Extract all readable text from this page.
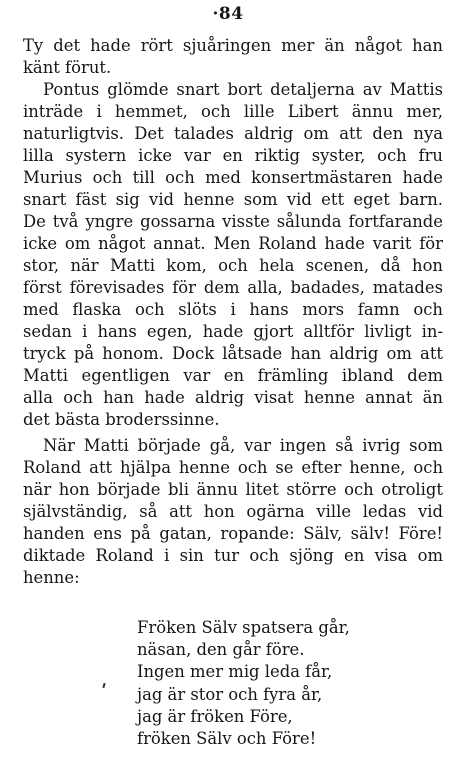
·84
Ty det hade rört sjuåringen mer än något han
känt förut.
Pontus glömde snart bort detaljerna av Mattis
inträde i hemmet, och lille Libert ännu mer,
naturligtvis. Det talades aldrig om att den nya
lilla systern icke var en riktig syster, och fru
Murius och till och med konsertmästaren hade
snart fäst sig vid henne som vid ett eget barn.
De två yngre gossarna visste sålunda fortfarande
icke om något annat. Men Roland hade varit för
stor, när Matti kom, och hela scenen, då hon
först förevisades för dem alla, badades, matades
med flaska och slöts i hans mors famn och
sedan i hans egen, hade gjort alltför livligt in-
tryck på honom. Dock låtsade han aldrig om att
Matti egentligen var en främling ibland dem
alla och han hade aldrig visat henne annat än
det bästa broderssinne.
När Matti började gå, var ingen så ivrig som
Roland att hjälpa henne och se efter henne, och
när hon började bli ännu litet större och otroligt
självständig, så att hon ogärna ville ledas vid
handen ens på gatan, ropande: Sälv, sälv! Före!
diktade Roland i sin tur och sjöng en visa om
henne:
Fröken Sälv spatsera går,
näsan, den går före.
Ingen mer mig leda får,
jag är stor och fyra år,
jag är fröken Före,
fröken Sälv och Före!
